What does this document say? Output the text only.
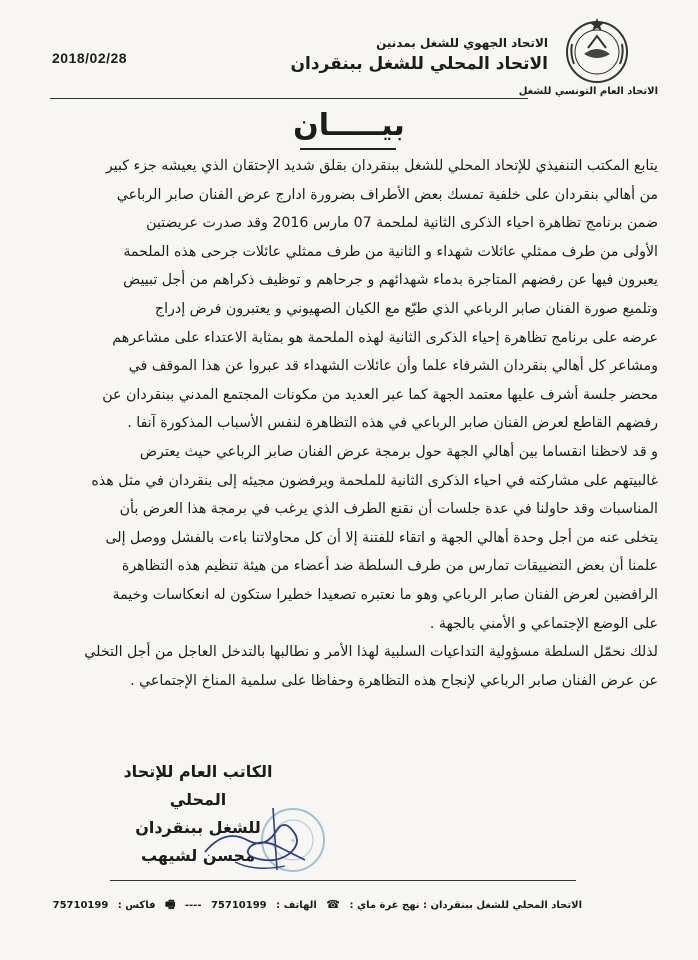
2018/02/28
الاتحاد الجهوي للشغل بمدنين
الاتحاد المحلي للشغل ببنقردان
الاتحاد العام التونسي للشغل
بيـــــان
يتابع المكتب التنفيذي للإتحاد المحلي للشغل ببنقردان بقلق شديد الإحتقان الذي يعيشه جزء كبير
من أهالي بنقردان على خلفية تمسك بعض الأطراف بضرورة ادارج عرض الفنان صابر الرباعي
ضمن برنامج تظاهرة احياء الذكرى الثانية لملحمة 07 مارس 2016 وقد صدرت عريضتين
الأولى من طرف ممثلي عائلات شهداء و الثانية من طرف ممثلي عائلات جرحى هذه الملحمة
يعبرون فيها عن رفضهم المتاجرة بدماء شهدائهم و جرحاهم و توظيف ذكراهم من أجل تبييض
وتلميع صورة الفنان صابر الرباعي الذي طبّع مع الكيان الصهيوني و يعتبرون فرض إدراج
عرضه على برنامج تظاهرة إحياء الذكرى الثانية لهذه الملحمة هو بمثابة الاعتداء على مشاعرهم
ومشاعر كل أهالي بنقردان الشرفاء علما وأن عائلات الشهداء قد عبروا عن هذا الموقف في
محضر جلسة أشرف عليها معتمد الجهة كما عبر العديد من مكونات المجتمع المدني ببنقردان عن
رفضهم القاطع لعرض الفنان صابر الرباعي في هذه التظاهرة لنفس الأسباب المذكورة آنفا .
و قد لاحظنا انقساما بين أهالي الجهة حول برمجة عرض الفنان صابر الرباعي حيث يعترض
غالبيتهم على مشاركته في احياء الذكرى الثانية للملحمة ويرفضون مجيئه إلى بنقردان في مثل هذه
المناسبات وقد حاولنا في عدة جلسات أن نقنع الطرف الذي يرغب في برمجة هذا العرض بأن
يتخلى عنه من أجل وحدة أهالي الجهة و اتقاء للفتنة إلا أن كل محاولاتنا باءت بالفشل ووصل إلى
علمنا أن بعض التضييقات تمارس من طرف السلطة ضد أعضاء من هيئة تنظيم هذه التظاهرة
الرافضين لعرض الفنان صابر الرباعي وهو ما نعتبره تصعيدا خطيرا ستكون له انعكاسات وخيمة
على الوضع الإجتماعي و الأمني بالجهة .
لذلك نحمّل السلطة مسؤولية التداعيات السلبية لهذا الأمر و نطالبها بالتدخل العاجل من أجل التخلي
عن عرض الفنان صابر الرباعي لإنجاح هذه التظاهرة وحفاظا على سلمية المناخ الإجتماعي .
الكاتب العام للإتحاد المحلي
للشغل ببنقردان
محسن لشيهب
✦
الاتحاد المحلي للشغل ببنقردان : نهج غرة ماي : ☎ الهاتف : 75710199 ---- 🖷 فاكس : 75710199
